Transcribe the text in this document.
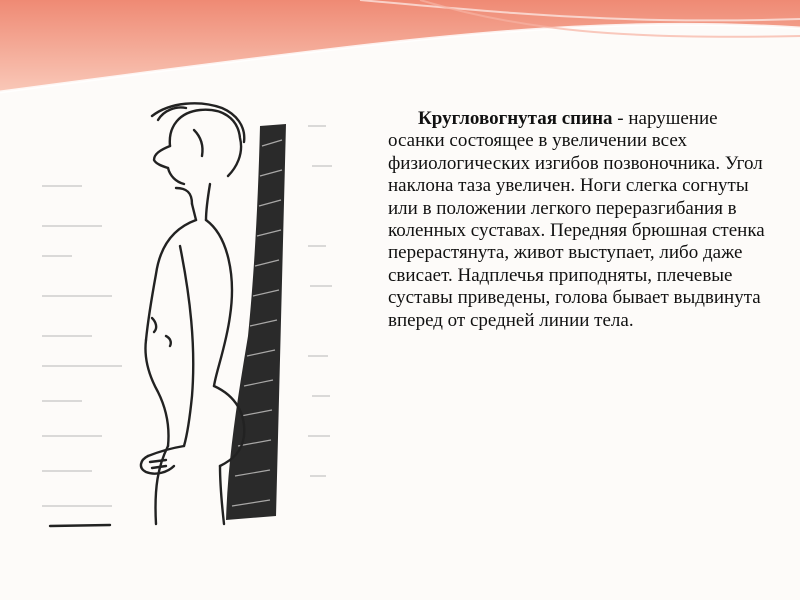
Кругловогнутая спина - нарушение осанки состоящее в увеличении всех физиологических изгибов позвоночника. Угол наклона таза увеличен. Ноги слегка согнуты или в положении легкого переразгибания в коленных суставах. Передняя брюшная стенка перерастянута, живот выступает, либо даже свисает. Надплечья приподняты, плечевые суставы приведены, голова бывает выдвинута вперед от средней линии тела.
